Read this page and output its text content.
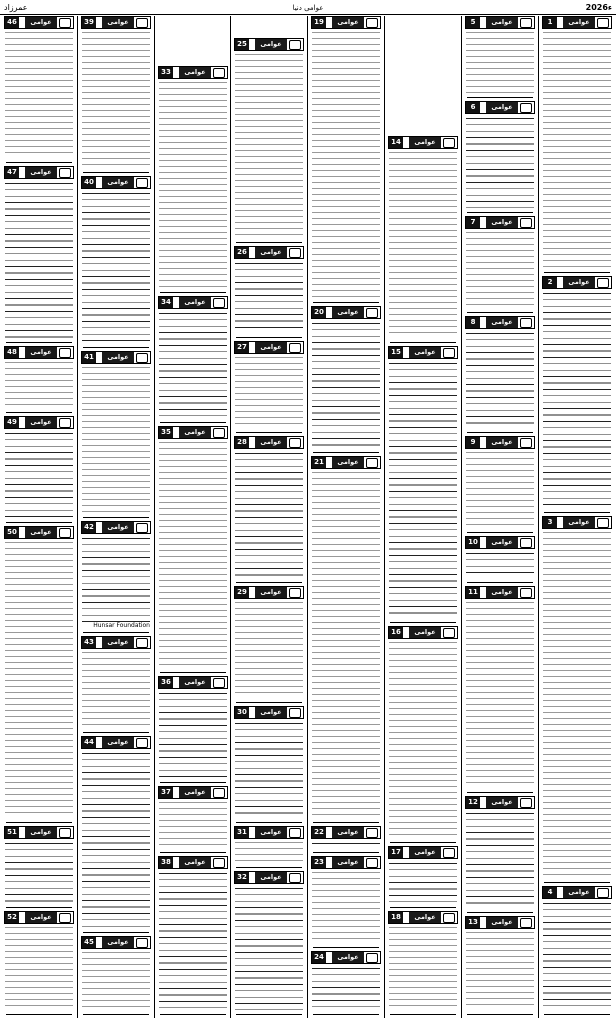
عمرزاد	عوامی دنیا	2026ء
1	عوامی
2	عوامی
3	عوامی
4	عوامی
5	عوامی
6	عوامی
7	عوامی
8	عوامی
9	عوامی
10	عوامی
11	عوامی
12	عوامی
13	عوامی
14	عوامی
15	عوامی
16	عوامی
17	عوامی
18	عوامی
19	عوامی
20	عوامی
21	عوامی
22	عوامی
23	عوامی
24	عوامی
25	عوامی
26	عوامی
27	عوامی
28	عوامی
29	عوامی
30	عوامی
31	عوامی
32	عوامی
33	عوامی
34	عوامی
35	عوامی
36	عوامی
37	عوامی
38	عوامی
39	عوامی
40	عوامی
41	عوامی
42	عوامی
43	عوامی
44	عوامی
45	عوامی
Hunsar Foundation
46	عوامی
47	عوامی
48	عوامی
49	عوامی
50	عوامی
51	عوامی
52	عوامی
